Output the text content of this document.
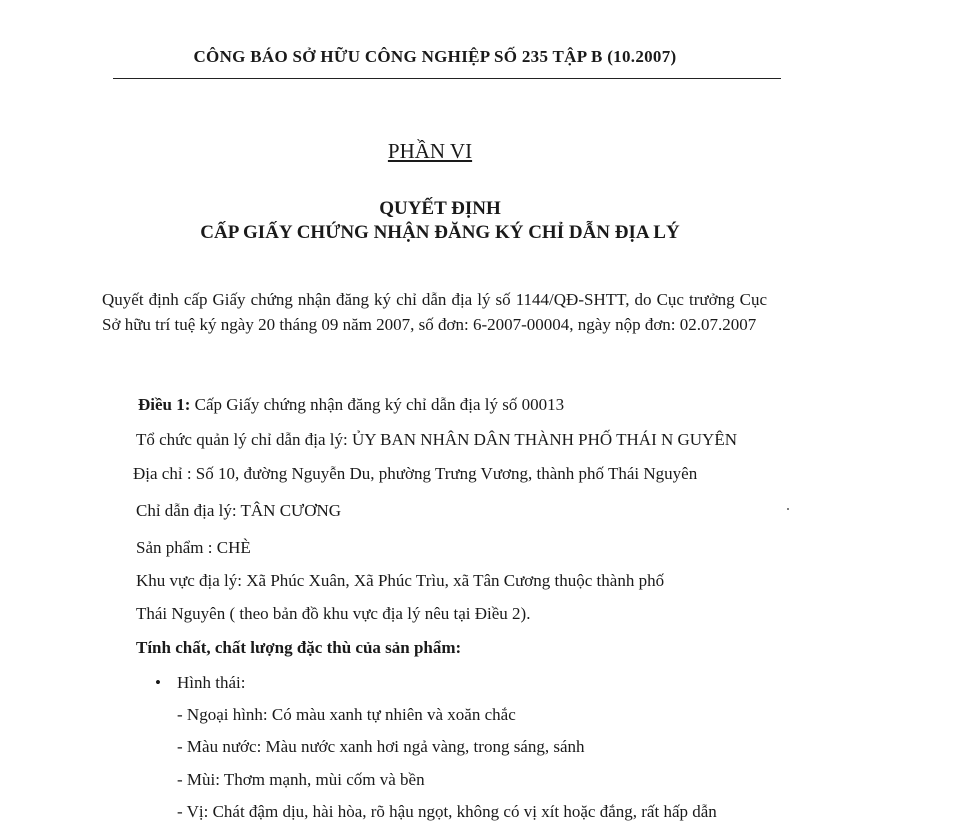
CÔNG BÁO SỞ HỮU CÔNG NGHIỆP SỐ 235 TẬP B (10.2007)
PHẦN VI
QUYẾT ĐỊNH
CẤP GIẤY CHỨNG NHẬN ĐĂNG KÝ CHỈ DẪN ĐỊA LÝ
Quyết định cấp Giấy chứng nhận đăng ký chỉ dẫn địa lý số 1144/QĐ-SHTT, do Cục trưởng Cục Sở hữu trí tuệ ký ngày 20 tháng 09 năm 2007, số đơn: 6-2007-00004, ngày nộp đơn: 02.07.2007
Điều 1: Cấp Giấy chứng nhận đăng ký chỉ dẫn địa lý số 00013
Tổ chức quản lý chỉ dẫn địa lý: ỦY BAN NHÂN DÂN THÀNH PHỐ THÁI N GUYÊN
Địa chỉ : Số 10, đường Nguyễn Du, phường Trưng Vương, thành phố Thái Nguyên
Chỉ dẫn địa lý: TÂN CƯƠNG
Sản phẩm : CHÈ
Khu vực địa lý: Xã Phúc Xuân, Xã Phúc Trìu, xã Tân Cương thuộc thành phố
Thái Nguyên ( theo bản đồ khu vực địa lý nêu tại Điều 2).
Tính chất, chất lượng đặc thù của sản phẩm:
• Hình thái:
- Ngoại hình: Có màu xanh tự nhiên và xoăn chắc
- Màu nước: Màu nước xanh hơi ngả vàng, trong sáng, sánh
- Mùi: Thơm mạnh, mùi cốm và bền
- Vị: Chát đậm dịu, hài hòa, rõ hậu ngọt, không có vị xít hoặc đắng, rất hấp dẫn
